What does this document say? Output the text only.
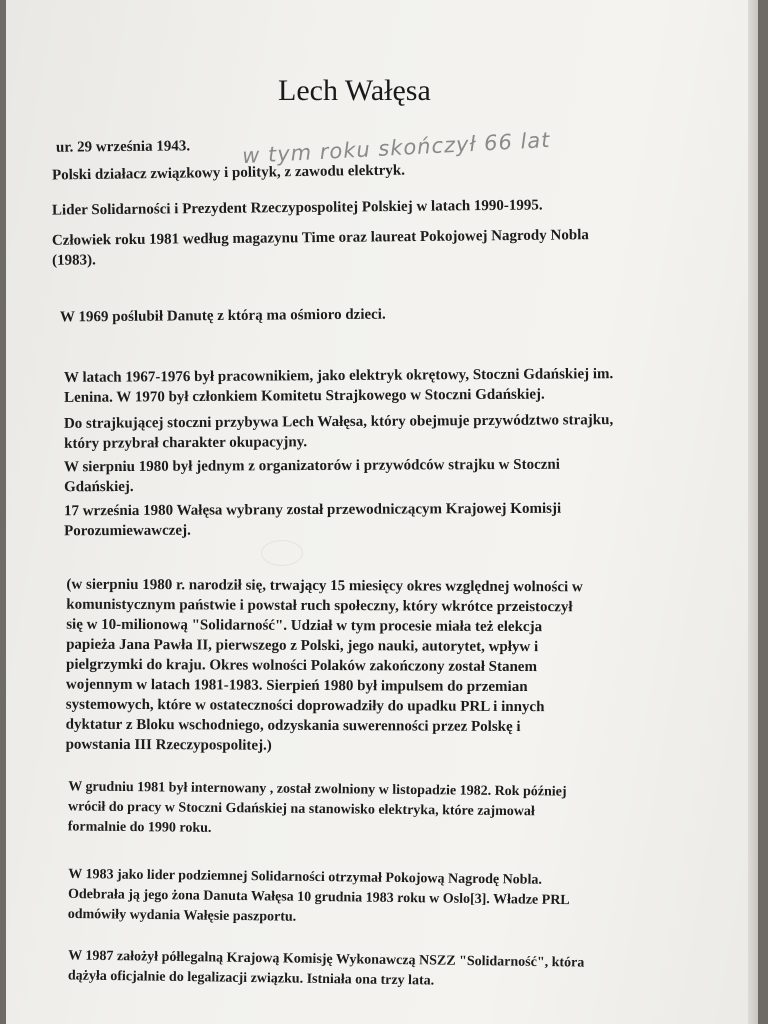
Lech Wałęsa

ur. 29 września 1943. w tym roku skończył 66 lat

Polski działacz związkowy i polityk, z zawodu elektryk.

Lider Solidarności i Prezydent Rzeczypospolitej Polskiej w latach 1990-1995.

Człowiek roku 1981 według magazynu Time oraz laureat Pokojowej Nagrody Nobla
(1983).

W 1969 poślubił Danutę z którą ma ośmioro dzieci.

W latach 1967-1976 był pracownikiem, jako elektryk okrętowy, Stoczni Gdańskiej im.
Lenina. W 1970 był członkiem Komitetu Strajkowego w Stoczni Gdańskiej.

Do strajkującej stoczni przybywa Lech Wałęsa, który obejmuje przywództwo strajku,
który przybrał charakter okupacyjny.

W sierpniu 1980 był jednym z organizatorów i przywódców strajku w Stoczni
Gdańskiej.

17 września 1980 Wałęsa wybrany został przewodniczącym Krajowej Komisji
Porozumiewawczej.

(w sierpniu 1980 r. narodził się, trwający 15 miesięcy okres względnej wolności w
komunistycznym państwie i powstał ruch społeczny, który wkrótce przeistoczył
się w 10-milionową "Solidarność". Udział w tym procesie miała też elekcja
papieża Jana Pawła II, pierwszego z Polski, jego nauki, autorytet, wpływ i
pielgrzymki do kraju. Okres wolności Polaków zakończony został Stanem
wojennym w latach 1981-1983. Sierpień 1980 był impulsem do przemian
systemowych, które w ostateczności doprowadziły do upadku PRL i innych
dyktatur z Bloku wschodniego, odzyskania suwerenności przez Polskę i
powstania III Rzeczypospolitej.)

W grudniu 1981 był internowany , został zwolniony w listopadzie 1982. Rok później
wrócił do pracy w Stoczni Gdańskiej na stanowisko elektryka, które zajmował
formalnie do 1990 roku.

W 1983 jako lider podziemnej Solidarności otrzymał Pokojową Nagrodę Nobla.
Odebrała ją jego żona Danuta Wałęsa 10 grudnia 1983 roku w Oslo[3]. Władze PRL
odmówiły wydania Wałęsie paszportu.

W 1987 założył półlegalną Krajową Komisję Wykonawczą NSZZ "Solidarność", która
dążyła oficjalnie do legalizacji związku. Istniała ona trzy lata.
